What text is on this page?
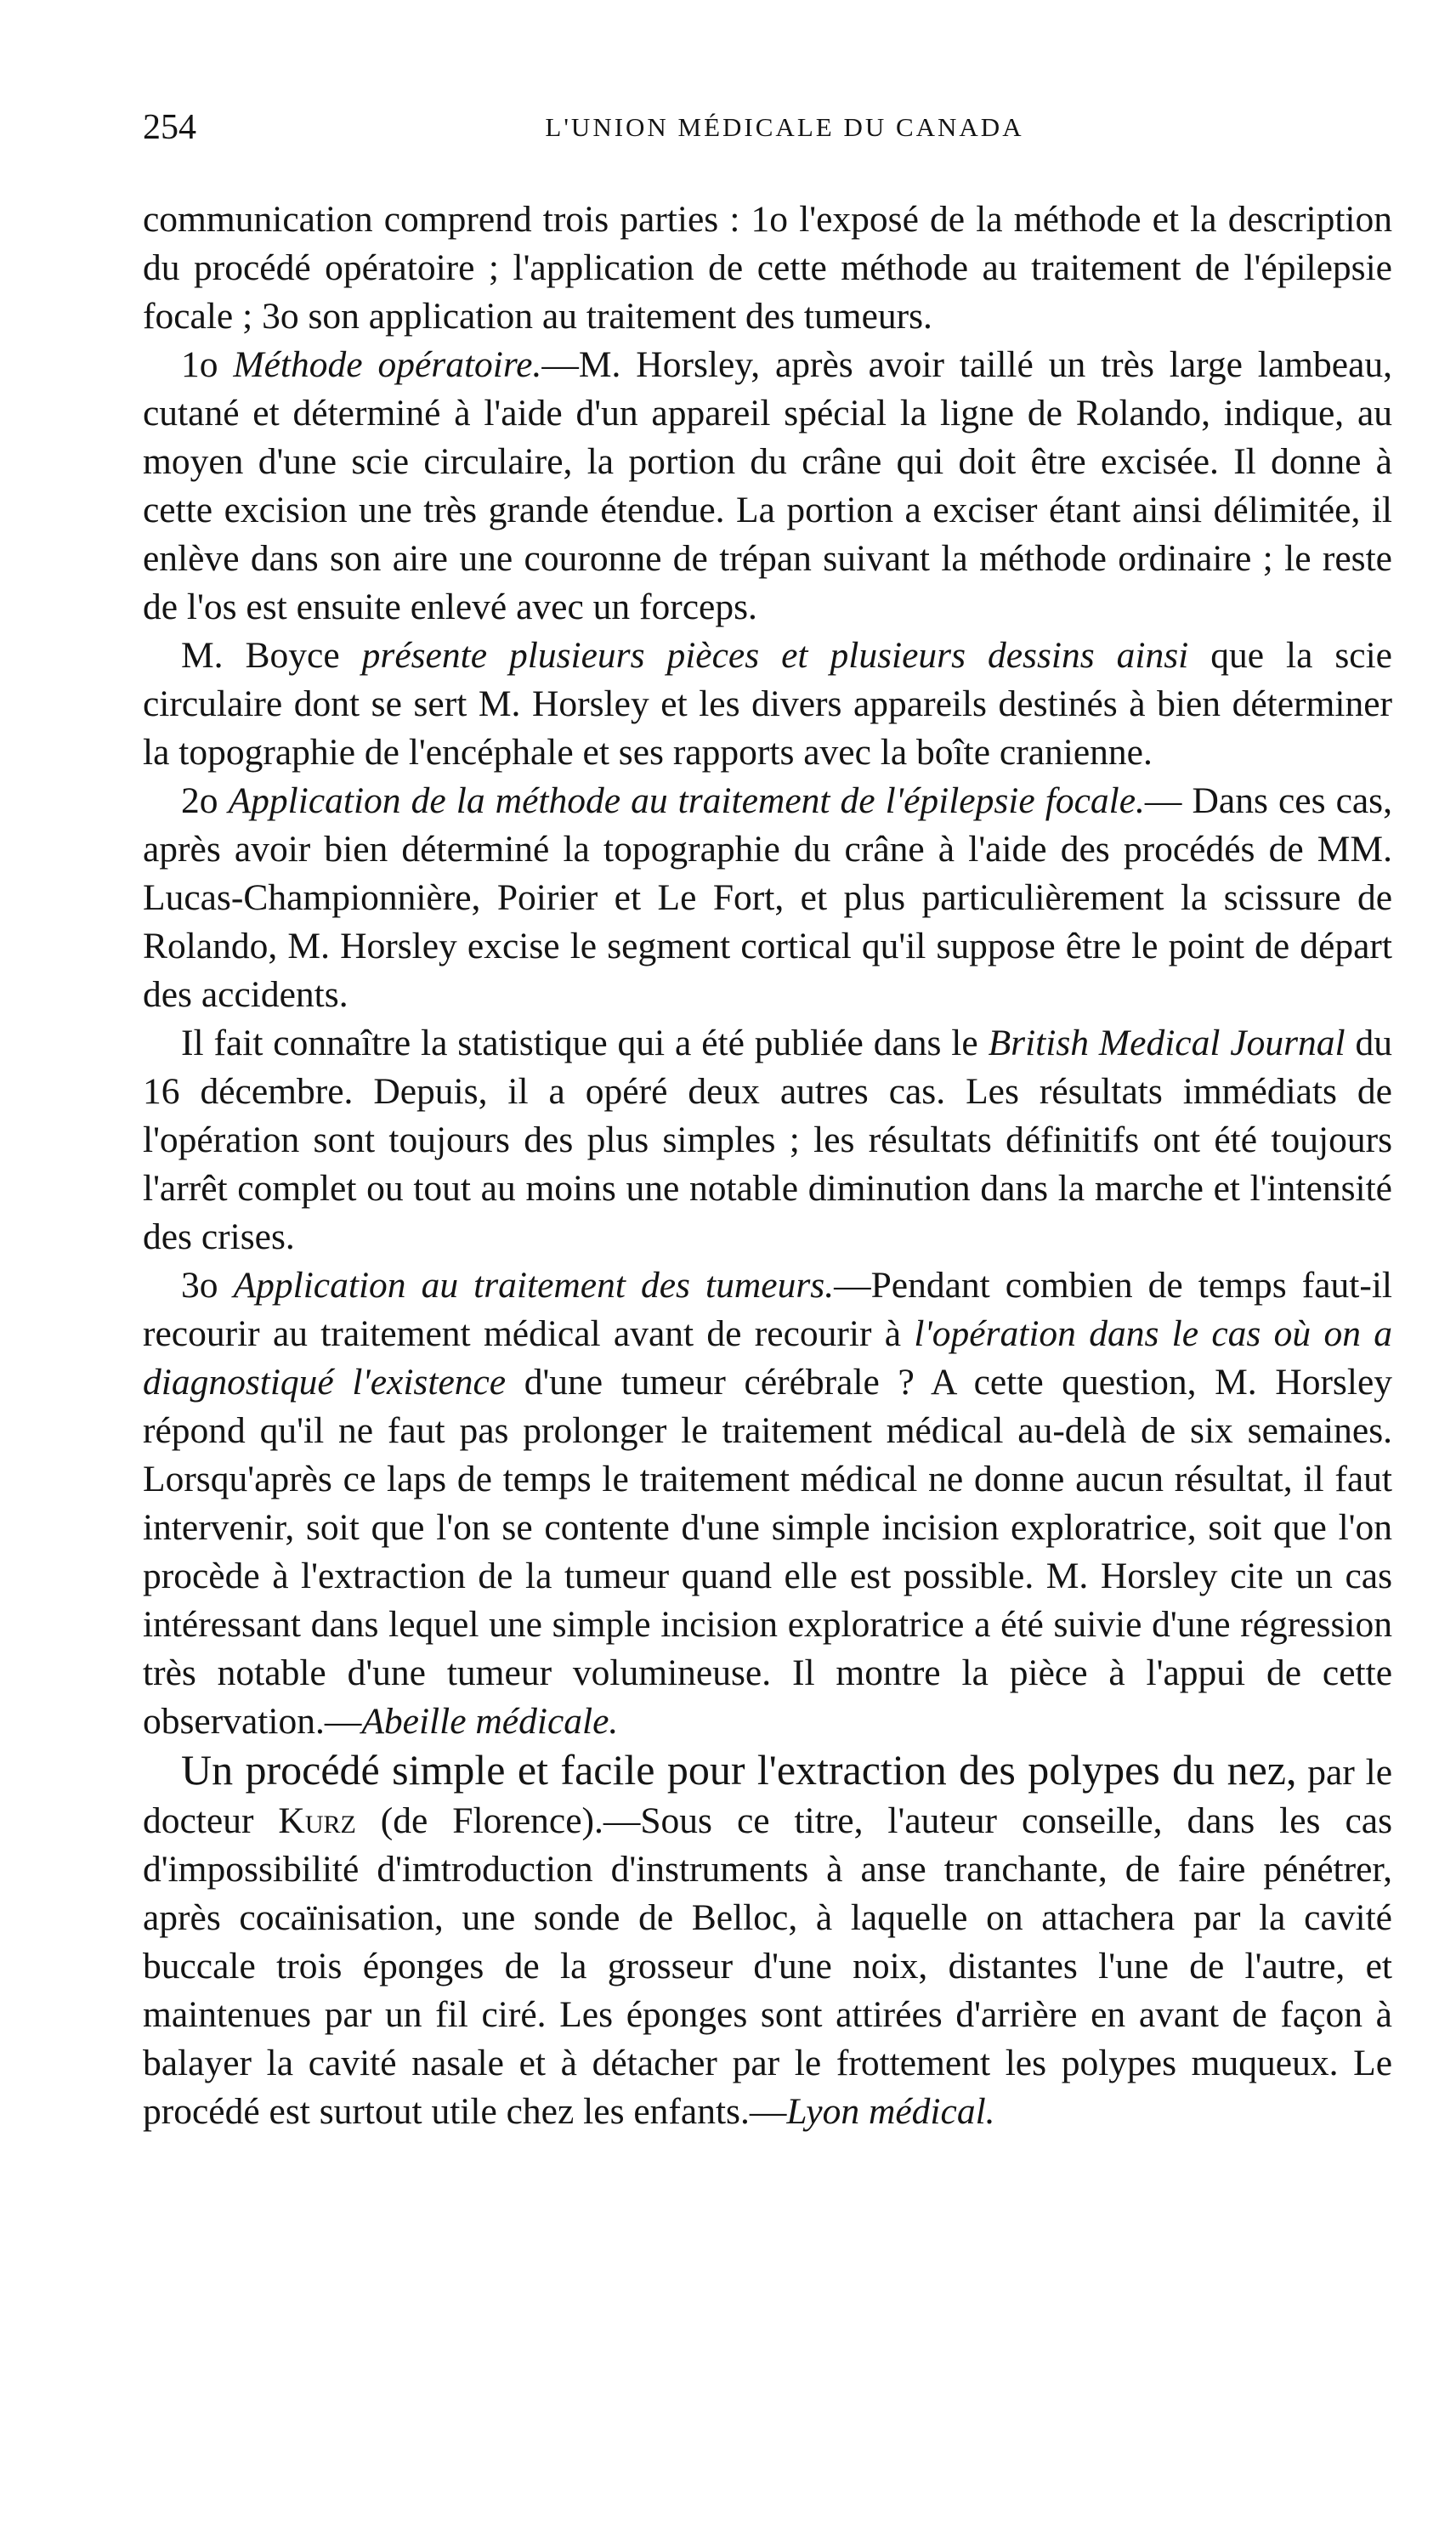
254	L'UNION MÉDICALE DU CANADA

communication comprend trois parties : 1o l'exposé de la méthode et la description du procédé opératoire ; l'application de cette méthode au traitement de l'épilepsie focale ; 3o son application au traitement des tumeurs.

1o Méthode opératoire.—M. Horsley, après avoir taillé un très large lambeau, cutané et déterminé à l'aide d'un appareil spécial la ligne de Rolando, indique, au moyen d'une scie circulaire, la portion du crâne qui doit être excisée. Il donne à cette excision une très grande étendue. La portion a exciser étant ainsi délimitée, il enlève dans son aire une couronne de trépan suivant la méthode ordinaire ; le reste de l'os est ensuite enlevé avec un forceps.

M. Boyce présente plusieurs pièces et plusieurs dessins ainsi que la scie circulaire dont se sert M. Horsley et les divers appareils destinés à bien déterminer la topographie de l'encéphale et ses rapports avec la boîte cranienne.

2o Application de la méthode au traitement de l'épilepsie focale.— Dans ces cas, après avoir bien déterminé la topographie du crâne à l'aide des procédés de MM. Lucas-Championnière, Poirier et Le Fort, et plus particulièrement la scissure de Rolando, M. Horsley excise le segment cortical qu'il suppose être le point de départ des accidents.

Il fait connaître la statistique qui a été publiée dans le British Medical Journal du 16 décembre. Depuis, il a opéré deux autres cas. Les résultats immédiats de l'opération sont toujours des plus simples ; les résultats définitifs ont été toujours l'arrêt complet ou tout au moins une notable diminution dans la marche et l'intensité des crises.

3o Application au traitement des tumeurs.—Pendant combien de temps faut-il recourir au traitement médical avant de recourir à l'opération dans le cas où on a diagnostiqué l'existence d'une tumeur cérébrale ? A cette question, M. Horsley répond qu'il ne faut pas prolonger le traitement médical au-delà de six semaines. Lorsqu'après ce laps de temps le traitement médical ne donne aucun résultat, il faut intervenir, soit que l'on se contente d'une simple incision exploratrice, soit que l'on procède à l'extraction de la tumeur quand elle est possible. M. Horsley cite un cas intéressant dans lequel une simple incision exploratrice a été suivie d'une régression très notable d'une tumeur volumineuse. Il montre la pièce à l'appui de cette observation.—Abeille médicale.

Un procédé simple et facile pour l'extraction des polypes du nez, par le docteur Kurz (de Florence).—Sous ce titre, l'auteur conseille, dans les cas d'impossibilité d'imtroduction d'instruments à anse tranchante, de faire pénétrer, après cocaïnisation, une sonde de Belloc, à laquelle on attachera par la cavité buccale trois éponges de la grosseur d'une noix, distantes l'une de l'autre, et maintenues par un fil ciré. Les éponges sont attirées d'arrière en avant de façon à balayer la cavité nasale et à détacher par le frottement les polypes muqueux. Le procédé est surtout utile chez les enfants.—Lyon médical.
